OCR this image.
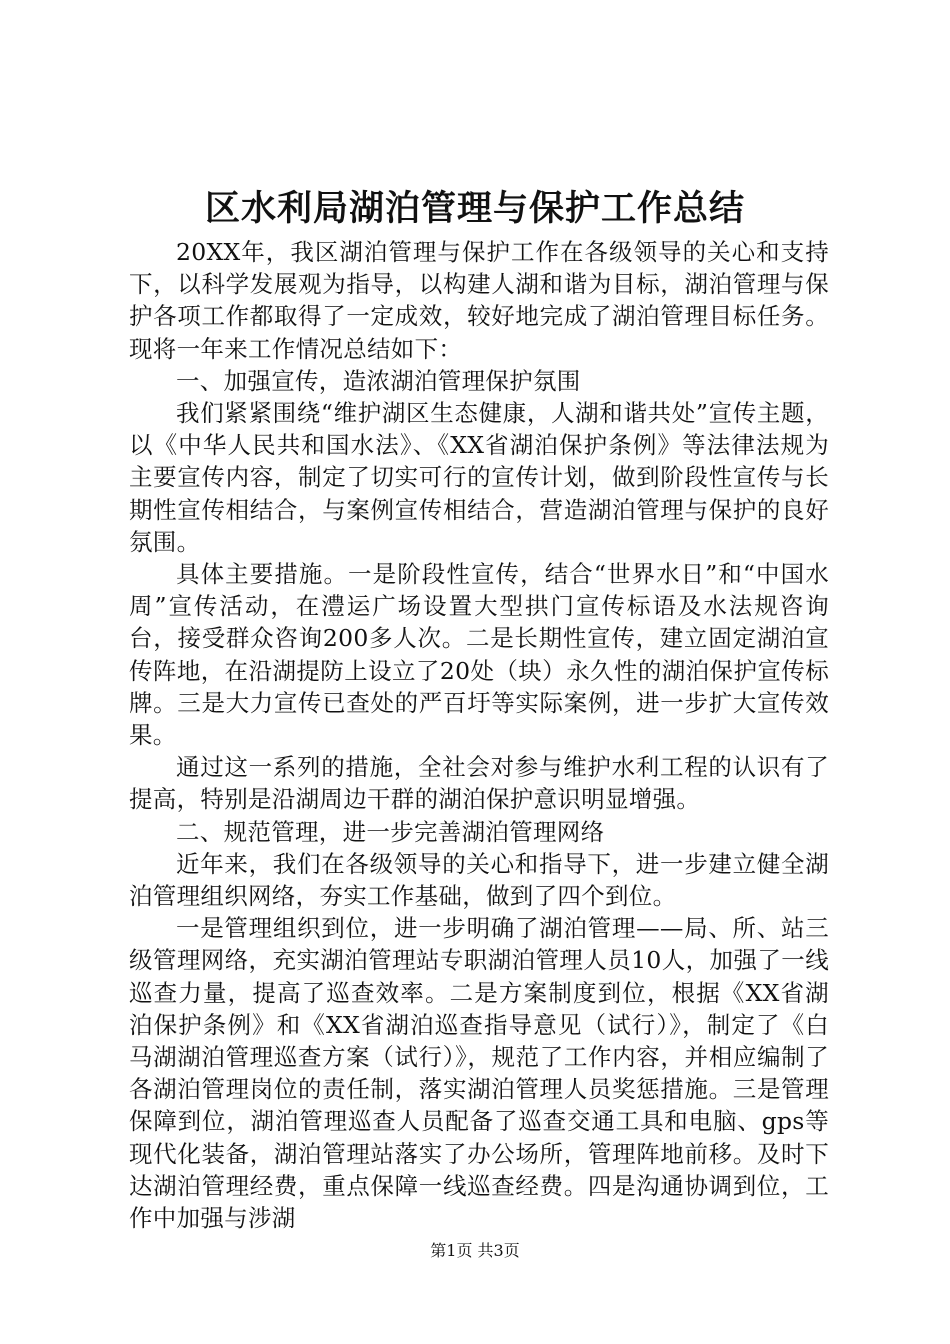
区水利局湖泊管理与保护工作总结

20XX年，我区湖泊管理与保护工作在各级领导的关心和支持下，以科学发展观为指导，以构建人湖和谐为目标，湖泊管理与保护各项工作都取得了一定成效，较好地完成了湖泊管理目标任务。现将一年来工作情况总结如下：

一、加强宣传，造浓湖泊管理保护氛围

我们紧紧围绕“维护湖区生态健康，人湖和谐共处”宣传主题，以《中华人民共和国水法》、《XX省湖泊保护条例》等法律法规为主要宣传内容，制定了切实可行的宣传计划，做到阶段性宣传与长期性宣传相结合，与案例宣传相结合，营造湖泊管理与保护的良好氛围。

具体主要措施。一是阶段性宣传，结合“世界水日”和“中国水周”宣传活动，在澧运广场设置大型拱门宣传标语及水法规咨询台，接受群众咨询200多人次。二是长期性宣传，建立固定湖泊宣传阵地，在沿湖提防上设立了20处（块）永久性的湖泊保护宣传标牌。三是大力宣传已查处的严百圩等实际案例，进一步扩大宣传效果。

通过这一系列的措施，全社会对参与维护水利工程的认识有了提高，特别是沿湖周边干群的湖泊保护意识明显增强。

二、规范管理，进一步完善湖泊管理网络

近年来，我们在各级领导的关心和指导下，进一步建立健全湖泊管理组织网络，夯实工作基础，做到了四个到位。

一是管理组织到位，进一步明确了湖泊管理——局、所、站三级管理网络，充实湖泊管理站专职湖泊管理人员10人，加强了一线巡查力量，提高了巡查效率。二是方案制度到位，根据《XX省湖泊保护条例》和《XX省湖泊巡查指导意见（试行）》，制定了《白马湖湖泊管理巡查方案（试行）》，规范了工作内容，并相应编制了各湖泊管理岗位的责任制，落实湖泊管理人员奖惩措施。三是管理保障到位，湖泊管理巡查人员配备了巡查交通工具和电脑、gps等现代化装备，湖泊管理站落实了办公场所，管理阵地前移。及时下达湖泊管理经费，重点保障一线巡查经费。四是沟通协调到位，工作中加强与涉湖

第1页 共3页
